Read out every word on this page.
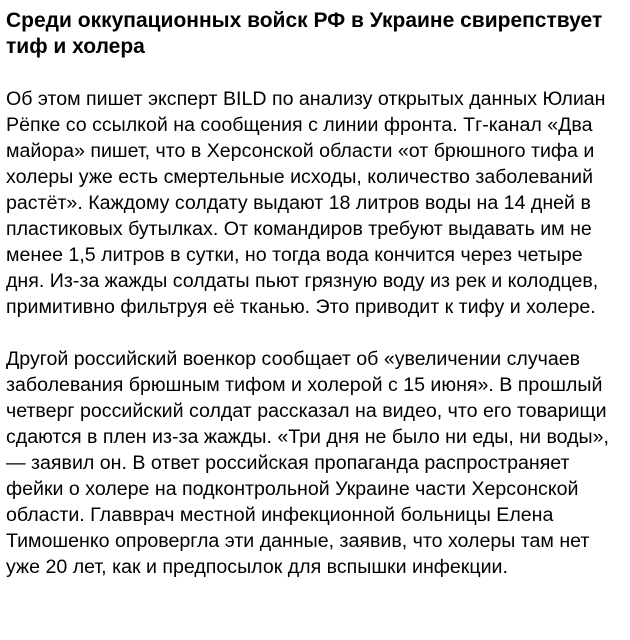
Среди оккупационных войск РФ в Украине свирепствует тиф и холера

Об этом пишет эксперт BILD по анализу открытых данных Юлиан Рёпке со ссылкой на сообщения с линии фронта. Тг-канал «Два майора» пишет, что в Херсонской области «от брюшного тифа и холеры уже есть смертельные исходы, количество заболеваний растёт». Каждому солдату выдают 18 литров воды на 14 дней в пластиковых бутылках. От командиров требуют выдавать им не менее 1,5 литров в сутки, но тогда вода кончится через четыре дня. Из-за жажды солдаты пьют грязную воду из рек и колодцев, примитивно фильтруя её тканью. Это приводит к тифу и холере.

Другой российский военкор сообщает об «увеличении случаев заболевания брюшным тифом и холерой с 15 июня». В прошлый четверг российский солдат рассказал на видео, что его товарищи сдаются в плен из-за жажды. «Три дня не было ни еды, ни воды», — заявил он. В ответ российская пропаганда распространяет фейки о холере на подконтрольной Украине части Херсонской области. Главврач местной инфекционной больницы Елена Тимошенко опровергла эти данные, заявив, что холеры там нет уже 20 лет, как и предпосылок для вспышки инфекции.
